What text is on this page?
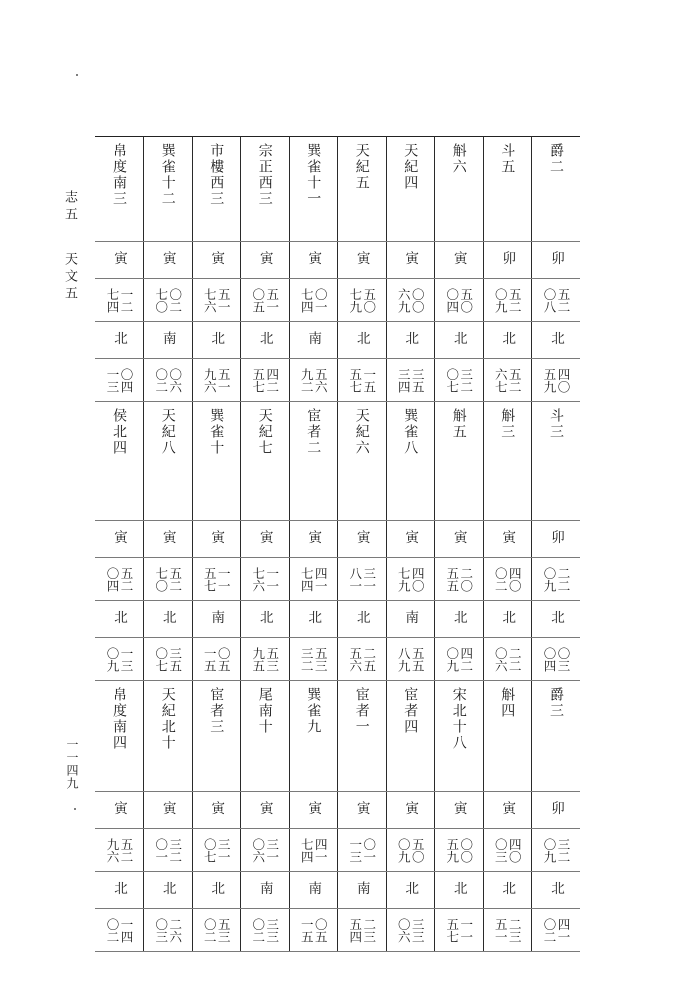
志五
天文五
一一四九
帛度南三	巽雀十二	市樓西三	宗正西三	巽雀十一	天紀五	天紀四	斛六	斗五	爵二
寅	寅	寅	寅	寅	寅	寅	寅	卯	卯
一二七四	〇二七〇	五一七六	五一〇五	〇一七四	五〇七九	〇〇六九	五〇〇四	五二〇九	五二〇八
北	南	北	北	南	北	北	北	北	北
〇四一三	〇六〇二	五一九六	四二五七	五六九二	一五五七	三五三四	三二〇七	五二六七	四〇五九
侯北四	天紀八	巽雀十	天紀七	宦者二	天紀六	巽雀八	斛五	斛三	斗三
寅	寅	寅	寅	寅	寅	寅	寅	寅	卯
五二〇四	五二七〇	一一五七	一一七六	四一七四	三一八一	四〇七九	二〇五五	四〇〇二	二二〇九
北	北	南	北	北	北	南	北	北	北
一三〇九	三五〇七	〇五一五	五三九五	五三三二	二五五六	五五八九	四二〇九	二二〇六	〇三〇四
帛度南四	天紀北十	宦者三	尾南十	巽雀九	宦者一	宦者四	宋北十八	斛四	爵三
寅	寅	寅	寅	寅	寅	寅	寅	寅	卯
五二九六	三二〇一	三一〇七	三一〇六	四一七四	〇一一三	五〇〇九	〇〇五九	四〇〇三	三二〇九
北	北	北	南	南	南	北	北	北	北
一四〇二	二六〇三	五三〇二	三三〇二	〇五一五	二三五四	三三〇六	一一五七	二三五一	四一〇二
